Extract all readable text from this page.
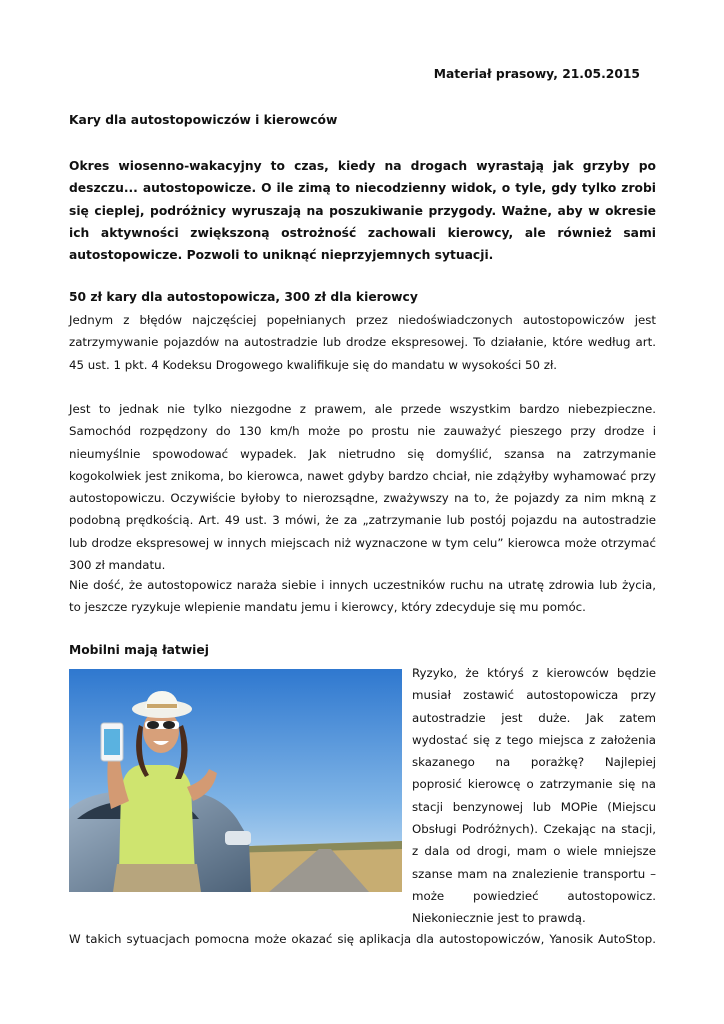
Materiał prasowy, 21.05.2015
Kary dla autostopowiczów i kierowców

Okres wiosenno-wakacyjny to czas, kiedy na drogach wyrastają jak grzyby po deszczu... autostopowicze. O ile zimą to niecodzienny widok, o tyle, gdy tylko zrobi się cieplej, podróżnicy wyruszają na poszukiwanie przygody. Ważne, aby w okresie ich aktywności zwiększoną ostrożność zachowali kierowcy, ale również sami autostopowicze. Pozwoli to uniknąć nieprzyjemnych sytuacji.

50 zł kary dla autostopowicza, 300 zł dla kierowcy

Jednym z błędów najczęściej popełnianych przez niedoświadczonych autostopowiczów jest zatrzymywanie pojazdów na autostradzie lub drodze ekspresowej. To działanie, które według art. 45 ust. 1 pkt. 4 Kodeksu Drogowego kwalifikuje się do mandatu w wysokości 50 zł.

Jest to jednak nie tylko niezgodne z prawem, ale przede wszystkim bardzo niebezpieczne. Samochód rozpędzony do 130 km/h może po prostu nie zauważyć pieszego przy drodze i nieumyślnie spowodować wypadek. Jak nietrudno się domyślić, szansa na zatrzymanie kogokolwiek jest znikoma, bo kierowca, nawet gdyby bardzo chciał, nie zdążyłby wyhamować przy autostopowiczu. Oczywiście byłoby to nierozsądne, zważywszy na to, że pojazdy za nim mkną z podobną prędkością. Art. 49 ust. 3 mówi, że za „zatrzymanie lub postój pojazdu na autostradzie lub drodze ekspresowej w innych miejscach niż wyznaczone w tym celu” kierowca może otrzymać 300 zł mandatu.

Nie dość, że autostopowicz naraża siebie i innych uczestników ruchu na utratę zdrowia lub życia, to jeszcze ryzykuje wlepienie mandatu jemu i kierowcy, który zdecyduje się mu pomóc.

Mobilni mają łatwiej

Ryzyko, że któryś z kierowców będzie musiał zostawić autostopowicza przy autostradzie jest duże. Jak zatem wydostać się z tego miejsca z założenia skazanego na porażkę? Najlepiej poprosić kierowcę o zatrzymanie się na stacji benzynowej lub MOPie (Miejscu Obsługi Podróżnych). Czekając na stacji, z dala od drogi, mam o wiele mniejsze szanse mam na znalezienie transportu – może powiedzieć autostopowicz. Niekoniecznie jest to prawdą.

W takich sytuacjach pomocna może okazać się aplikacja dla autostopowiczów, Yanosik AutoStop.
